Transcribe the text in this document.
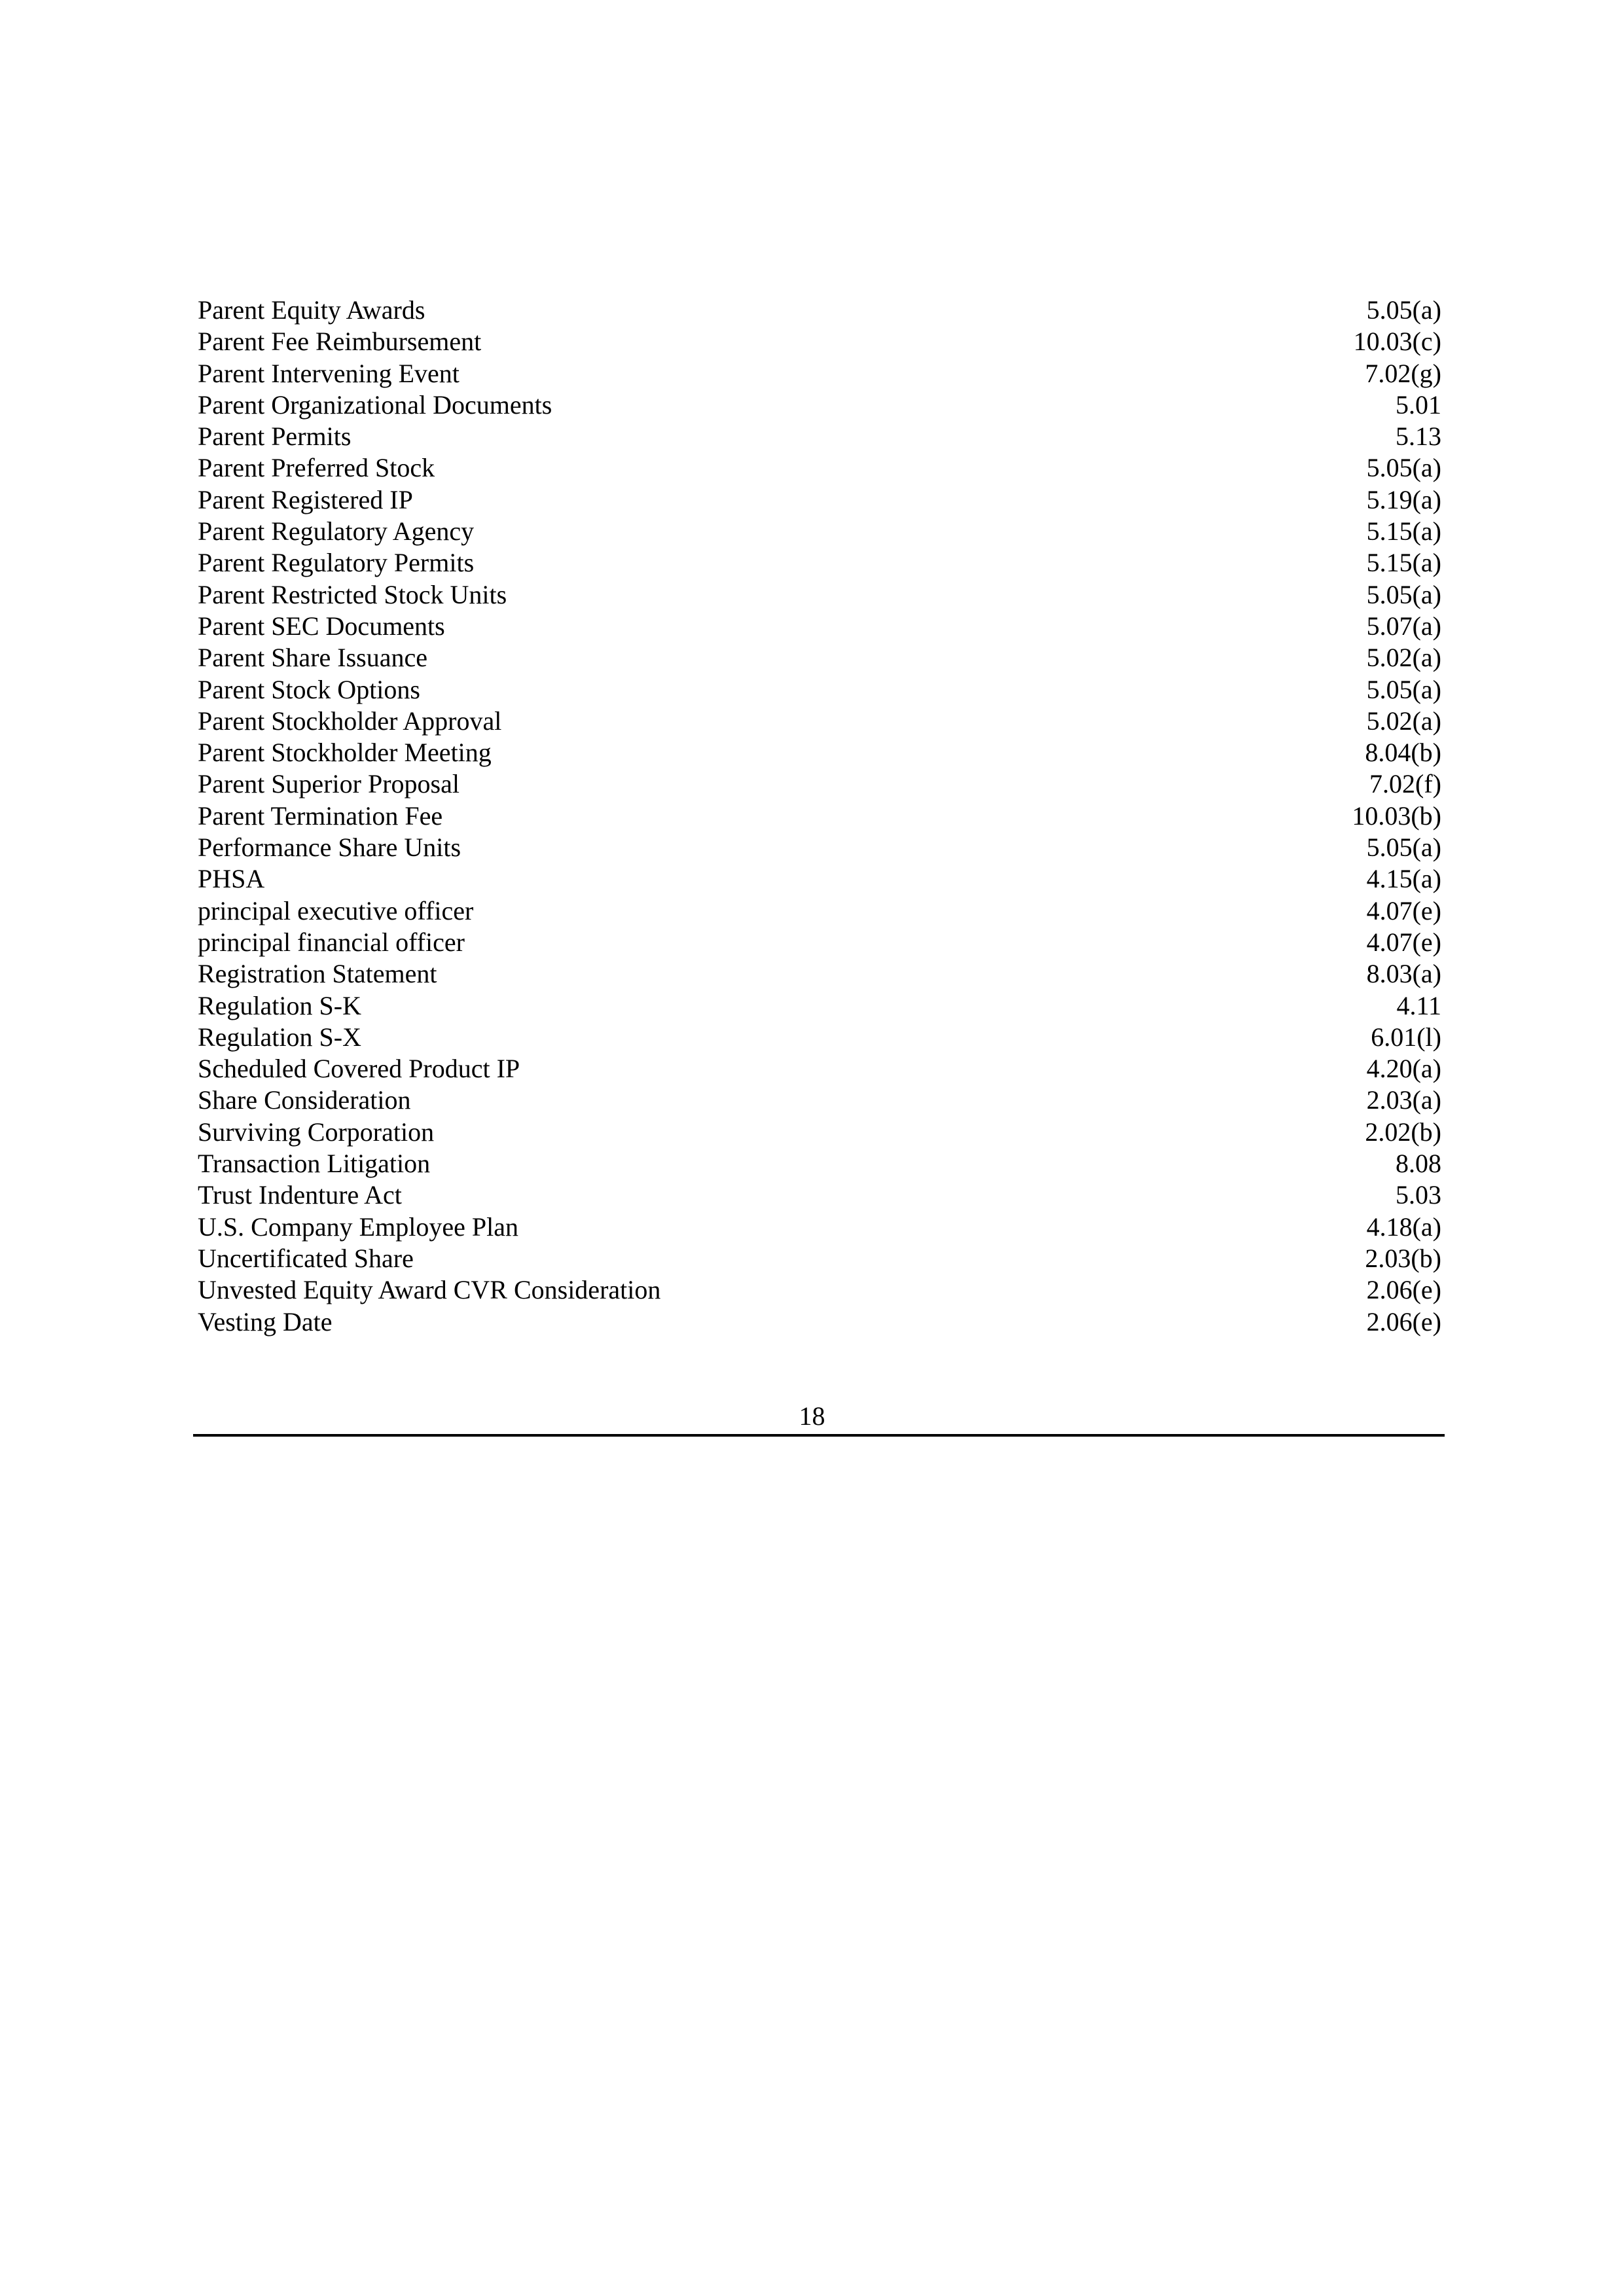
Parent Equity Awards	5.05(a)
Parent Fee Reimbursement	10.03(c)
Parent Intervening Event	7.02(g)
Parent Organizational Documents	5.01
Parent Permits	5.13
Parent Preferred Stock	5.05(a)
Parent Registered IP	5.19(a)
Parent Regulatory Agency	5.15(a)
Parent Regulatory Permits	5.15(a)
Parent Restricted Stock Units	5.05(a)
Parent SEC Documents	5.07(a)
Parent Share Issuance	5.02(a)
Parent Stock Options	5.05(a)
Parent Stockholder Approval	5.02(a)
Parent Stockholder Meeting	8.04(b)
Parent Superior Proposal	7.02(f)
Parent Termination Fee	10.03(b)
Performance Share Units	5.05(a)
PHSA	4.15(a)
principal executive officer	4.07(e)
principal financial officer	4.07(e)
Registration Statement	8.03(a)
Regulation S-K	4.11
Regulation S-X	6.01(l)
Scheduled Covered Product IP	4.20(a)
Share Consideration	2.03(a)
Surviving Corporation	2.02(b)
Transaction Litigation	8.08
Trust Indenture Act	5.03
U.S. Company Employee Plan	4.18(a)
Uncertificated Share	2.03(b)
Unvested Equity Award CVR Consideration	2.06(e)
Vesting Date	2.06(e)
18
